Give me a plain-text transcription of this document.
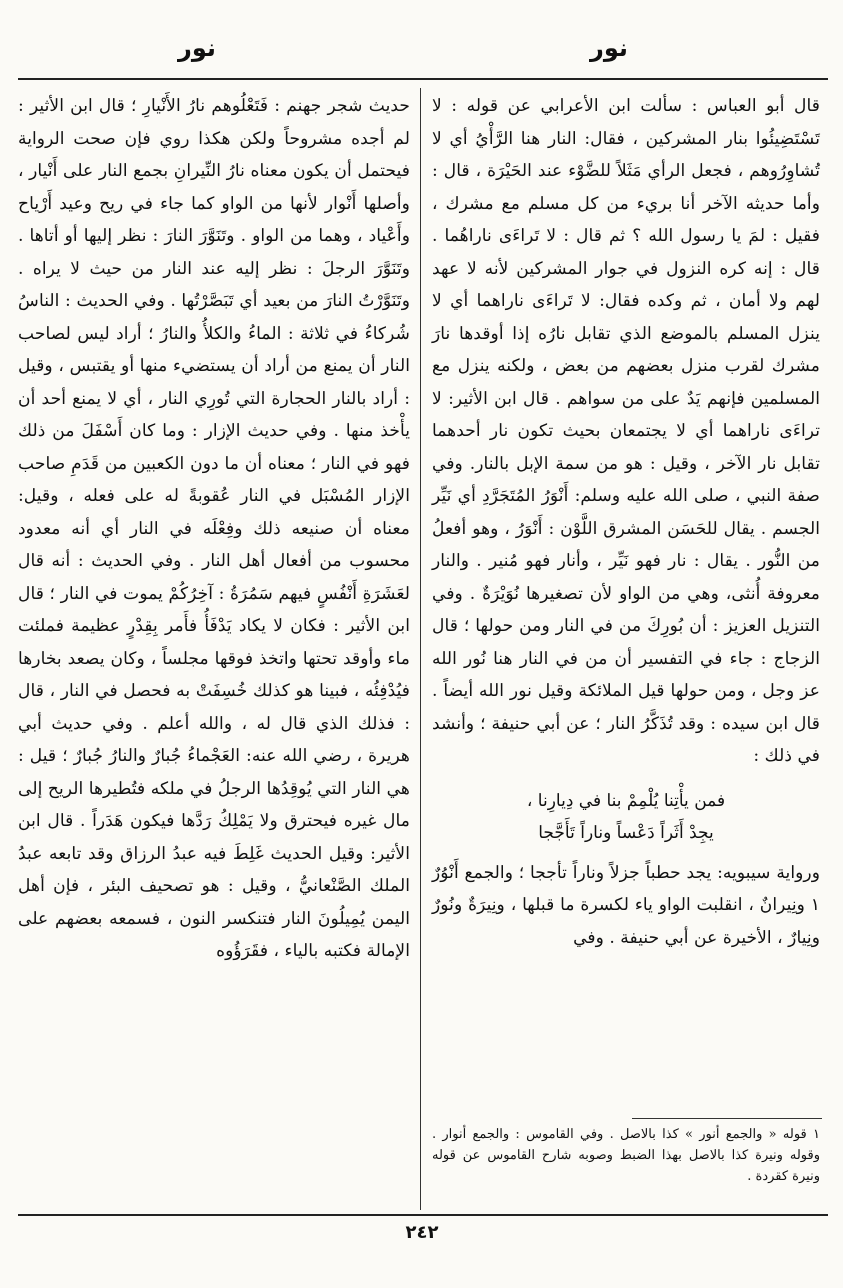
نور
نور

قال أبو العباس : سألت ابن الأعرابي عن قوله : لا تَسْتَضِيئُوا بنار المشركين ، فقال: النار هنا الرَّأْيُ أي لا تُشاوِرُوهم ، فجعل الرأي مَثَلاً للضَّوْء عند الحَيْرَة ، قال : وأما حديثه الآخر أنا بريء من كل مسلم مع مشرك ، فقيل : لمَ يا رسول الله ؟ ثم قال : لا تَراءَى ناراهُما . قال : إنه كره النزول في جوار المشركين لأنه لا عهد لهم ولا أمان ، ثم وكده فقال: لا تَراءَى ناراهما أي لا ينزل المسلم بالموضع الذي تقابل نارُه إذا أوقدها نارَ مشرك لقرب منزل بعضهم من بعض ، ولكنه ينزل مع المسلمين فإنهم يَدٌ على من سواهم . قال ابن الأثير: لا تراءَى ناراهما أي لا يجتمعان بحيث تكون نار أحدهما تقابل نار الآخر ، وقيل : هو من سمة الإبل بالنار. وفي صفة النبي ، صلى الله عليه وسلم: أَنْوَرُ المُتَجَرَّدِ أي نَيِّر الجسم . يقال للحَسَن المشرق اللَّوْن : أَنْوَرُ ، وهو أفعلُ من النُّور . يقال : نار فهو نَيِّر ، وأنار فهو مُنير . والنار معروفة أُنثى، وهي من الواو لأن تصغيرها نُوَيْرَةٌ . وفي التنزيل العزيز : أن بُورِكَ من في النار ومن حولها ؛ قال الزجاج : جاء في التفسير أن من في النار هنا نُور الله عز وجل ، ومن حولها قيل الملائكة وقيل نور الله أيضاً . قال ابن سيده : وقد تُذَكَّرُ النار ؛ عن أبي حنيفة ؛ وأنشد في ذلك :

فمن يأْتِنا يُلْمِمْ بنا في دِيارِنا ،
يجِدْ أَثَراً دَعْساً وناراً تَأَجَّجا

ورواية سيبويه: يجد حطباً جزلاً وناراً تأججا ؛ والجمع أَنْوُرٌ ١ ونِيرانٌ ، انقلبت الواو ياء لكسرة ما قبلها ، ونِيرَةٌ ونُورٌ ونِيارٌ ، الأخيرة عن أبي حنيفة . وفي

حديث شجر جهنم : فَتَعْلُوهم نارُ الأَنْيارِ ؛ قال ابن الأثير : لم أجده مشروحاً ولكن هكذا روي فإن صحت الرواية فيحتمل أن يكون معناه نارُ النِّيرانِ بجمع النار على أَنْيار ، وأصلها أَنْوار لأنها من الواو كما جاء في ريح وعيد أَرْياح وأَعْياد ، وهما من الواو . وتَنَوَّرَ النارَ : نظر إليها أو أتاها . وتَنَوَّرَ الرجلَ : نظر إليه عند النار من حيث لا يراه . وتَنَوَّرْتُ النارَ من بعيد أي تَبَصَّرْتُها . وفي الحديث : الناسُ شُركاءُ في ثلاثة : الماءُ والكلأُ والنارُ ؛ أراد ليس لصاحب النار أن يمنع من أراد أن يستضيء منها أو يقتبس ، وقيل : أراد بالنار الحجارة التي تُورِي النار ، أي لا يمنع أحد أن يأْخذ منها . وفي حديث الإزار : وما كان أَسْفَلَ من ذلك فهو في النار ؛ معناه أن ما دون الكعبين من قَدَمِ صاحب الإزار المُسْبَل في النار عُقوبةً له على فعله ، وقيل: معناه أن صنيعه ذلك وفِعْلَه في النار أي أنه معدود محسوب من أفعال أهل النار . وفي الحديث : أنه قال لعَشَرَةِ أَنْفُسٍ فيهم سَمُرَةُ : آخِرُكُمْ يموت في النار ؛ قال ابن الأثير : فكان لا يكاد يَدْفَأُ فأَمر بِقِدْرٍ عظيمة فملئت ماء وأوقد تحتها واتخذ فوقها مجلساً ، وكان يصعد بخارها فيُدْفِئُه ، فبينا هو كذلك خُسِفَتْ به فحصل في النار ، قال : فذلك الذي قال له ، والله أعلم . وفي حديث أبي هريرة ، رضي الله عنه: العَجْماءُ جُبارٌ والنارُ جُبارٌ ؛ قيل : هي النار التي يُوقِدُها الرجلُ في ملكه فتُطيرها الريح إلى مال غيره فيحترق ولا يَمْلِكُ رَدَّها فيكون هَدَراً . قال ابن الأثير: وقيل الحديث غَلِطَ فيه عبدُ الرزاق وقد تابعه عبدُ الملك الصَّنْعانيُّ ، وقيل : هو تصحيف البئر ، فإن أهل اليمن يُمِيلُونَ النار فتنكسر النون ، فسمعه بعضهم على الإمالة فكتبه بالياء ، فقَرَؤُوه

١ قوله « والجمع أنور » كذا بالاصل . وفي القاموس : والجمع أنوار . وقوله ونيرة كذا بالاصل بهذا الضبط وصوبه شارح القاموس عن قوله ونيرة كقردة .

٢٤٢
